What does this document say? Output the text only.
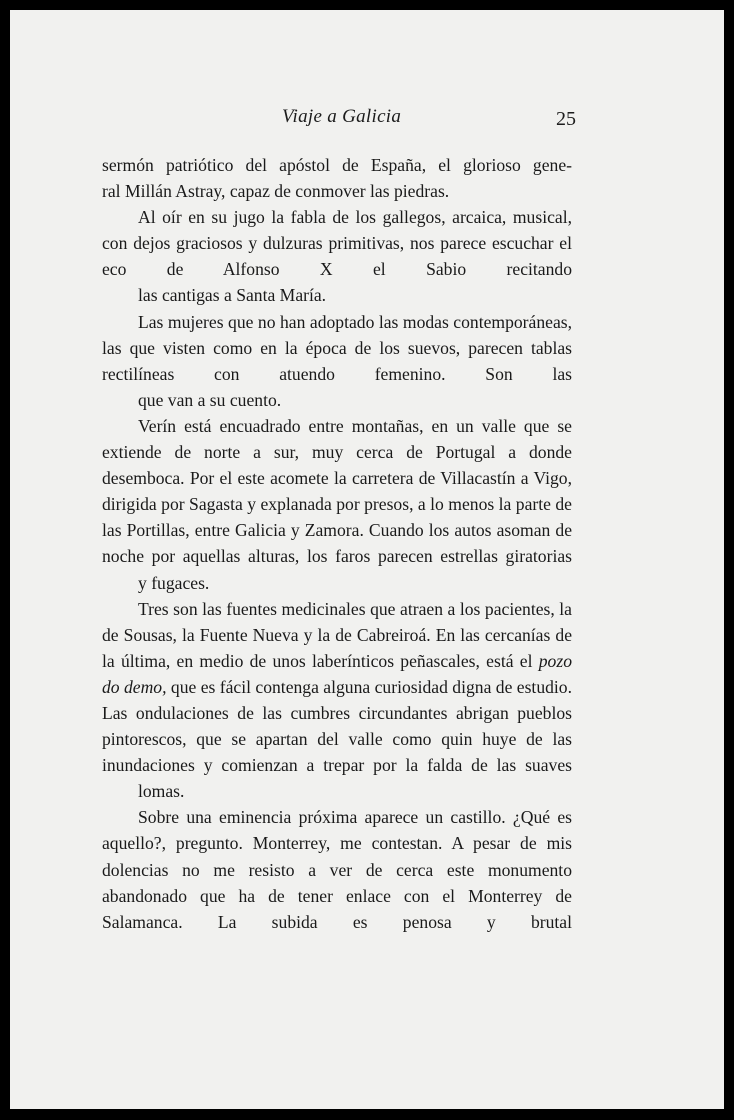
Viaje a Galicia	25

sermón patriótico del apóstol de España, el glorioso gene-
ral Millán Astray, capaz de conmover las piedras.

Al oír en su jugo la fabla de los gallegos, arcaica, musical, con dejos graciosos y dulzuras primitivas, nos parece escuchar el eco de Alfonso X el Sabio recitando
las cantigas a Santa María.

Las mujeres que no han adoptado las modas contemporáneas, las que visten como en la época de los suevos, parecen tablas rectilíneas con atuendo femenino. Son las
que van a su cuento.

Verín está encuadrado entre montañas, en un valle que se extiende de norte a sur, muy cerca de Portugal a donde desemboca. Por el este acomete la carretera de Villacastín a Vigo, dirigida por Sagasta y explanada por presos, a lo menos la parte de las Portillas, entre Galicia y Zamora. Cuando los autos asoman de noche por aquellas alturas, los faros parecen estrellas giratorias
y fugaces.

Tres son las fuentes medicinales que atraen a los pacientes, la de Sousas, la Fuente Nueva y la de Cabreiroá. En las cercanías de la última, en medio de unos laberínticos peñascales, está el pozo do demo, que es fácil contenga alguna curiosidad digna de estudio. Las ondulaciones de las cumbres circundantes abrigan pueblos pintorescos, que se apartan del valle como quin huye de las inundaciones y comienzan a trepar por la falda de las suaves
lomas.

Sobre una eminencia próxima aparece un castillo. ¿Qué es aquello?, pregunto. Monterrey, me contestan. A pesar de mis dolencias no me resisto a ver de cerca este monumento abandonado que ha de tener enlace con el Monterrey de Salamanca. La subida es penosa y brutal
